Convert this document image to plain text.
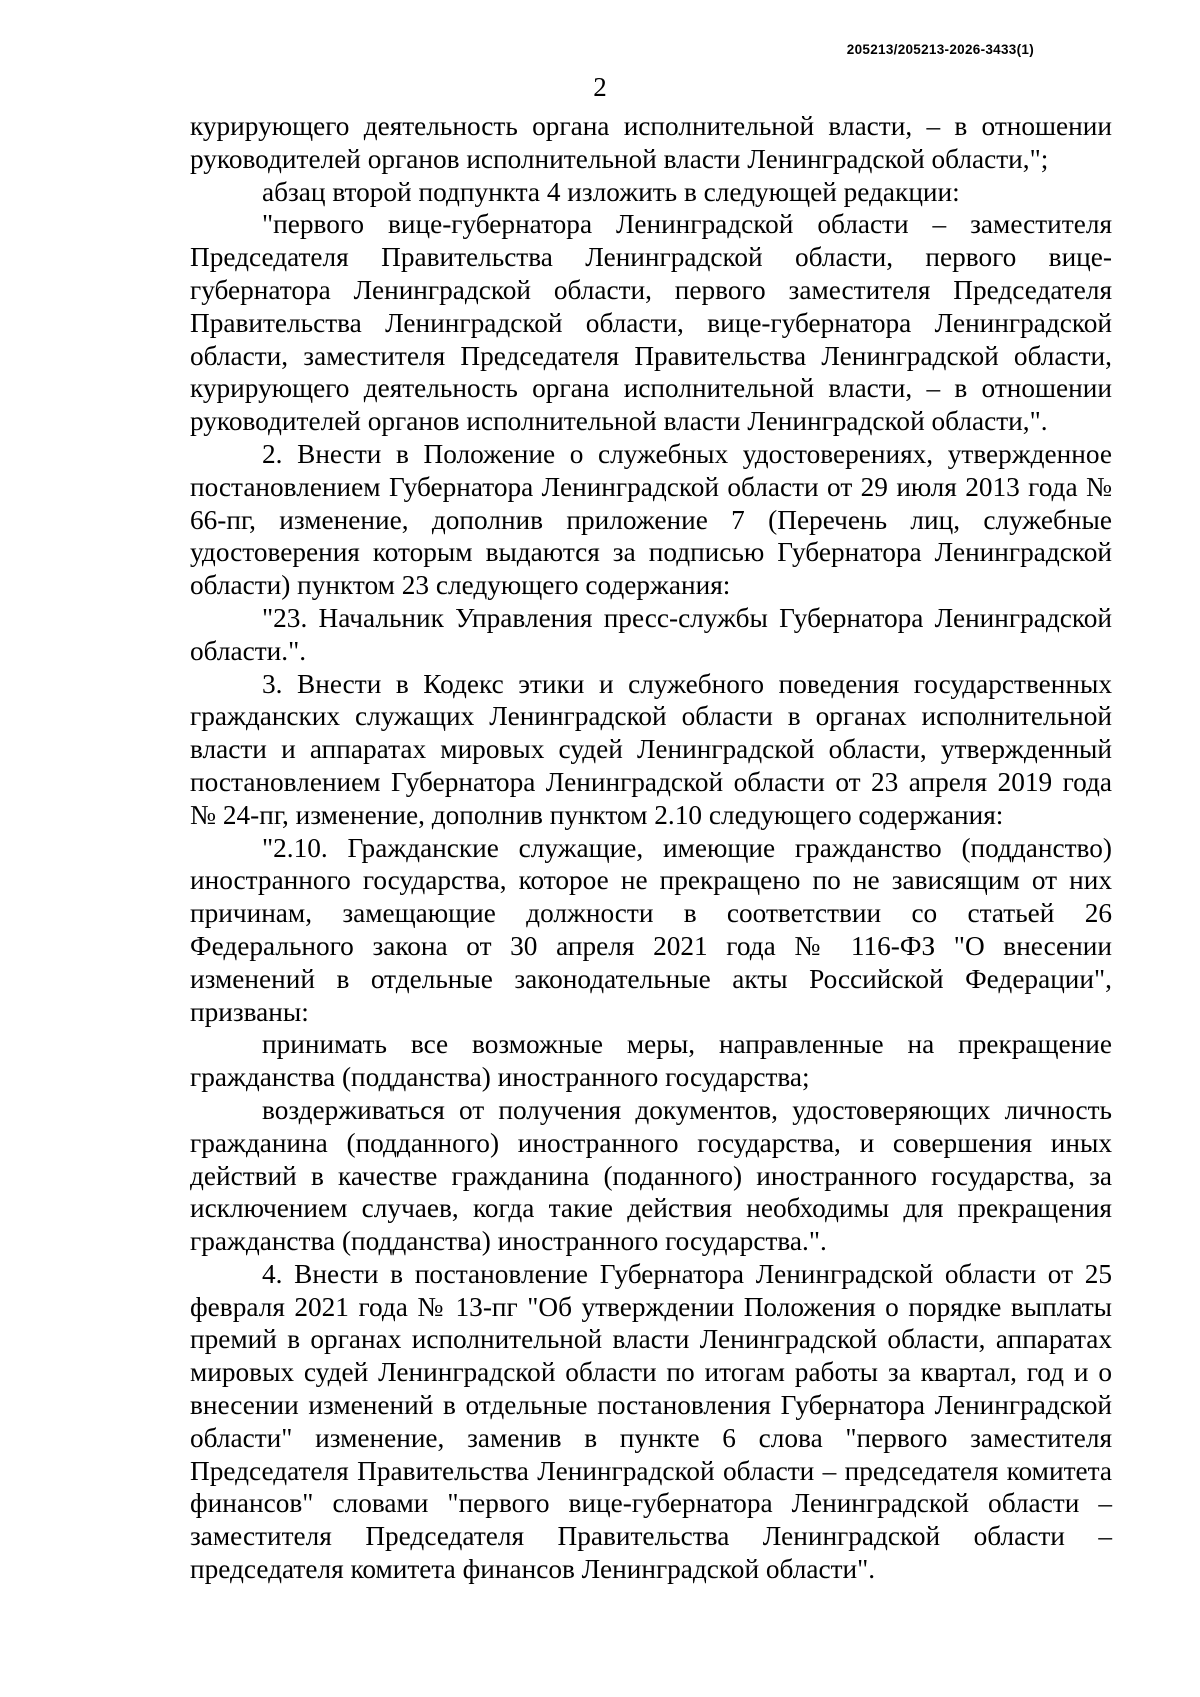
205213/205213-2026-3433(1)
2

курирующего деятельность органа исполнительной власти, – в отношении руководителей органов исполнительной власти Ленинградской области,";

абзац второй подпункта 4 изложить в следующей редакции:

"первого вице-губернатора Ленинградской области – заместителя Председателя Правительства Ленинградской области, первого вице-губернатора Ленинградской области, первого заместителя Председателя Правительства Ленинградской области, вице-губернатора Ленинградской области, заместителя Председателя Правительства Ленинградской области, курирующего деятельность органа исполнительной власти, – в отношении руководителей органов исполнительной власти Ленинградской области,".

2. Внести в Положение о служебных удостоверениях, утвержденное постановлением Губернатора Ленинградской области от 29 июля 2013 года № 66-пг, изменение, дополнив приложение 7 (Перечень лиц, служебные удостоверения которым выдаются за подписью Губернатора Ленинградской области) пунктом 23 следующего содержания:

"23. Начальник Управления пресс-службы Губернатора Ленинградской области.".

3. Внести в Кодекс этики и служебного поведения государственных гражданских служащих Ленинградской области в органах исполнительной власти и аппаратах мировых судей Ленинградской области, утвержденный постановлением Губернатора Ленинградской области от 23 апреля 2019 года № 24-пг, изменение, дополнив пунктом 2.10 следующего содержания:

"2.10. Гражданские служащие, имеющие гражданство (подданство) иностранного государства, которое не прекращено по не зависящим от них причинам, замещающие должности в соответствии со статьей 26 Федерального закона от 30 апреля 2021 года № 116-ФЗ "О внесении изменений в отдельные законодательные акты Российской Федерации", призваны:

принимать все возможные меры, направленные на прекращение гражданства (подданства) иностранного государства;

воздерживаться от получения документов, удостоверяющих личность гражданина (подданного) иностранного государства, и совершения иных действий в качестве гражданина (поданного) иностранного государства, за исключением случаев, когда такие действия необходимы для прекращения гражданства (подданства) иностранного государства.".

4. Внести в постановление Губернатора Ленинградской области от 25 февраля 2021 года № 13-пг "Об утверждении Положения о порядке выплаты премий в органах исполнительной власти Ленинградской области, аппаратах мировых судей Ленинградской области по итогам работы за квартал, год и о внесении изменений в отдельные постановления Губернатора Ленинградской области" изменение, заменив в пункте 6 слова "первого заместителя Председателя Правительства Ленинградской области – председателя комитета финансов" словами "первого вице-губернатора Ленинградской области – заместителя Председателя Правительства Ленинградской области – председателя комитета финансов Ленинградской области".
